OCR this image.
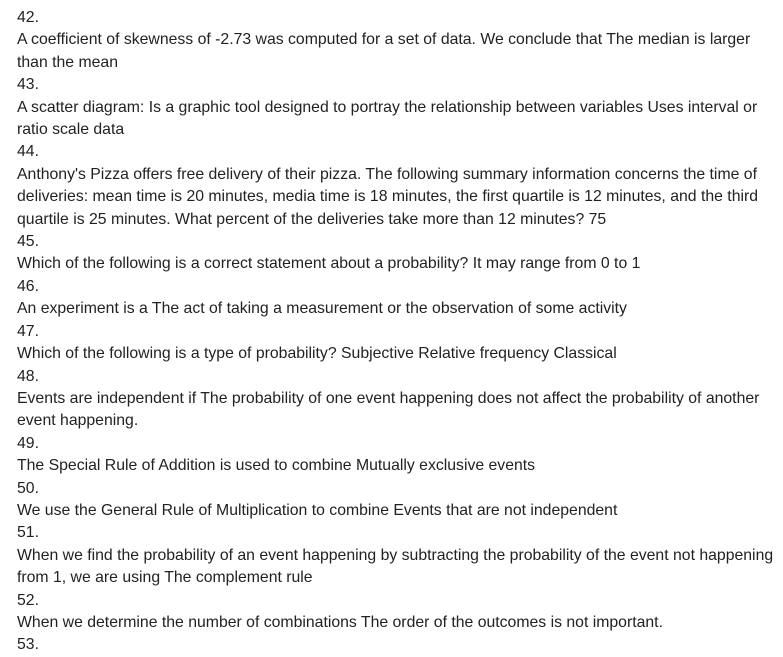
42.
A coefficient of skewness of -2.73 was computed for a set of data. We conclude that The median is larger than the mean
43.
A scatter diagram: Is a graphic tool designed to portray the relationship between variables Uses interval or ratio scale data
44.
Anthony's Pizza offers free delivery of their pizza. The following summary information concerns the time of deliveries: mean time is 20 minutes, media time is 18 minutes, the first quartile is 12 minutes, and the third quartile is 25 minutes. What percent of the deliveries take more than 12 minutes? 75
45.
Which of the following is a correct statement about a probability? It may range from 0 to 1
46.
An experiment is a The act of taking a measurement or the observation of some activity
47.
Which of the following is a type of probability? Subjective Relative frequency Classical
48.
Events are independent if The probability of one event happening does not affect the probability of another event happening.
49.
The Special Rule of Addition is used to combine Mutually exclusive events
50.
We use the General Rule of Multiplication to combine Events that are not independent
51.
When we find the probability of an event happening by subtracting the probability of the event not happening from 1, we are using The complement rule
52.
When we determine the number of combinations The order of the outcomes is not important.
53.
